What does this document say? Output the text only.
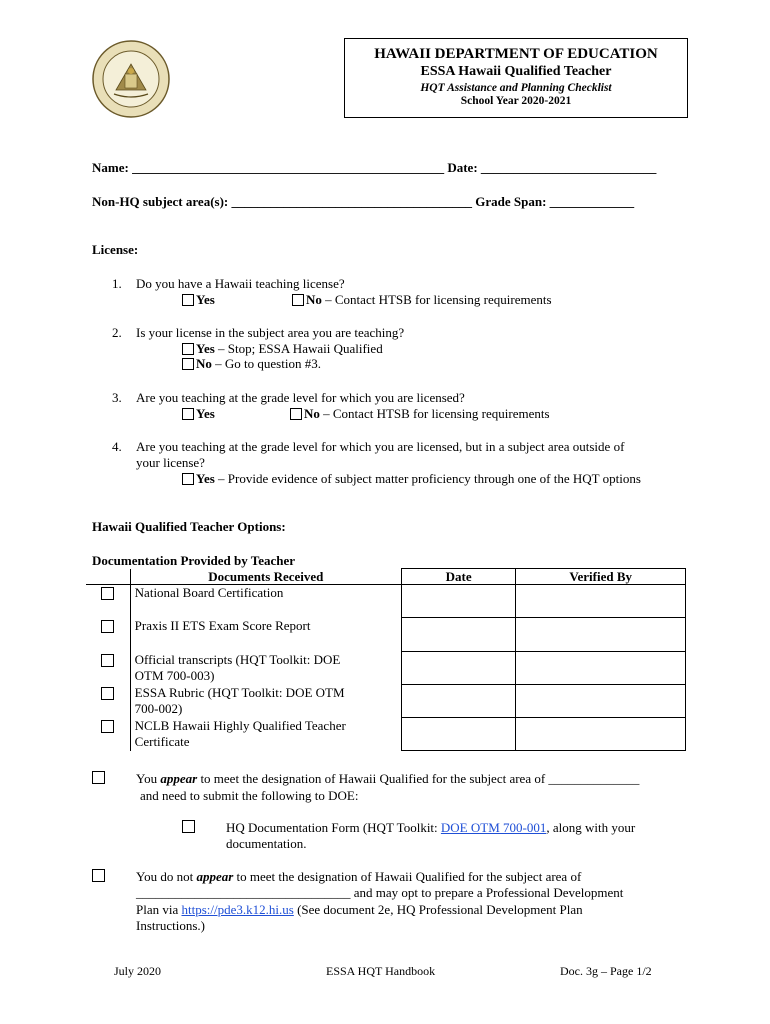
HAWAII DEPARTMENT OF EDUCATION
ESSA Hawaii Qualified Teacher
HQT Assistance and Planning Checklist
School Year 2020-2021
Name: ________________________________________________ Date: ___________________________
Non-HQ subject area(s): _____________________________________ Grade Span: _____________
License:
1. Do you have a Hawaii teaching license?
Yes	No – Contact HTSB for licensing requirements
2. Is your license in the subject area you are teaching?
Yes – Stop; ESSA Hawaii Qualified
No – Go to question #3.
3. Are you teaching at the grade level for which you are licensed?
Yes	No – Contact HTSB for licensing requirements
4. Are you teaching at the grade level for which you are licensed, but in a subject area outside of
your license?
Yes – Provide evidence of subject matter proficiency through one of the HQT options
Hawaii Qualified Teacher Options:
Documentation Provided by Teacher
	Documents Received	Date	Verified By
	National Board Certification		
	Praxis II ETS Exam Score Report		
	Official transcripts (HQT Toolkit: DOE OTM 700-003)		
	ESSA Rubric (HQT Toolkit: DOE OTM 700-002)		
	NCLB Hawaii Highly Qualified Teacher Certificate		
You appear to meet the designation of Hawaii Qualified for the subject area of ______________
and need to submit the following to DOE:
HQ Documentation Form (HQT Toolkit: DOE OTM 700-001, along with your
documentation.
You do not appear to meet the designation of Hawaii Qualified for the subject area of
_________________________________ and may opt to prepare a Professional Development
Plan via https://pde3.k12.hi.us (See document 2e, HQ Professional Development Plan
Instructions.)
July 2020	ESSA HQT Handbook	Doc. 3g – Page 1/2
